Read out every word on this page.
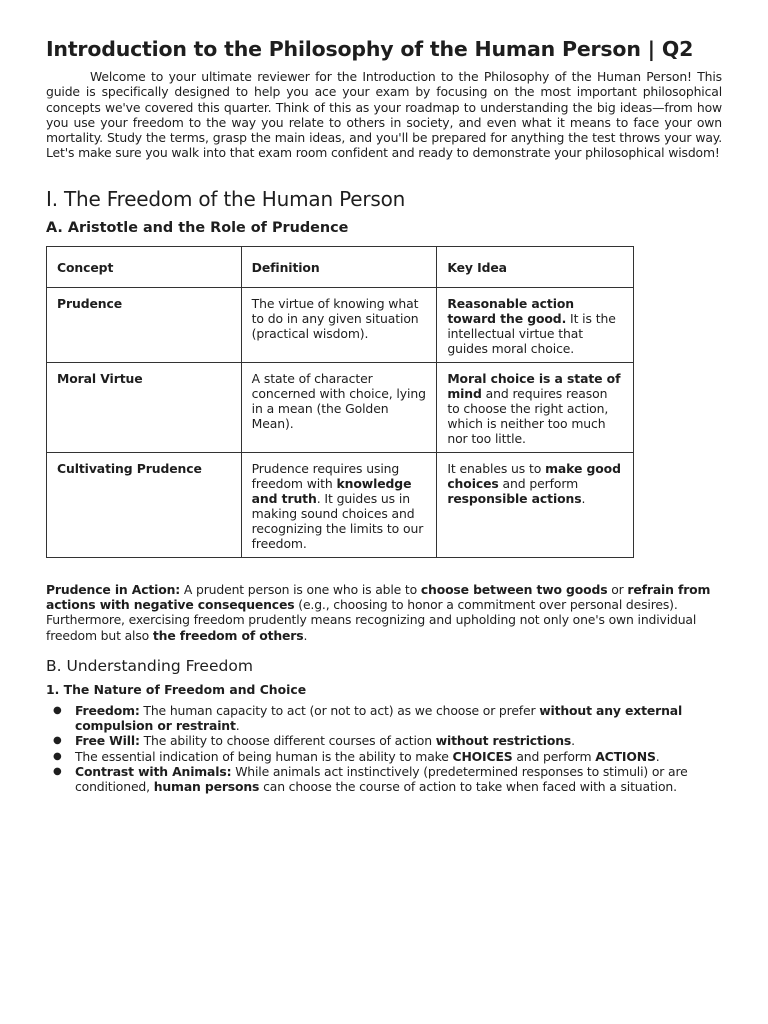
Introduction to the Philosophy of the Human Person | Q2

Welcome to your ultimate reviewer for the Introduction to the Philosophy of the Human Person! This guide is specifically designed to help you ace your exam by focusing on the most important philosophical concepts we've covered this quarter. Think of this as your roadmap to understanding the big ideas—from how you use your freedom to the way you relate to others in society, and even what it means to face your own mortality. Study the terms, grasp the main ideas, and you'll be prepared for anything the test throws your way. Let's make sure you walk into that exam room confident and ready to demonstrate your philosophical wisdom!

I. The Freedom of the Human Person
A. Aristotle and the Role of Prudence
Concept	Definition	Key Idea
Prudence	The virtue of knowing what to do in any given situation (practical wisdom).	Reasonable action toward the good. It is the intellectual virtue that guides moral choice.
Moral Virtue	A state of character concerned with choice, lying in a mean (the Golden Mean).	Moral choice is a state of mind and requires reason to choose the right action, which is neither too much nor too little.
Cultivating Prudence	Prudence requires using freedom with knowledge and truth. It guides us in making sound choices and recognizing the limits to our freedom.	It enables us to make good choices and perform responsible actions.

Prudence in Action: A prudent person is one who is able to choose between two goods or refrain from actions with negative consequences (e.g., choosing to honor a commitment over personal desires). Furthermore, exercising freedom prudently means recognizing and upholding not only one's own individual freedom but also the freedom of others.

B. Understanding Freedom
1. The Nature of Freedom and Choice
● Freedom: The human capacity to act (or not to act) as we choose or prefer without any external compulsion or restraint.
● Free Will: The ability to choose different courses of action without restrictions.
● The essential indication of being human is the ability to make CHOICES and perform ACTIONS.
● Contrast with Animals: While animals act instinctively (predetermined responses to stimuli) or are conditioned, human persons can choose the course of action to take when faced with a situation.
